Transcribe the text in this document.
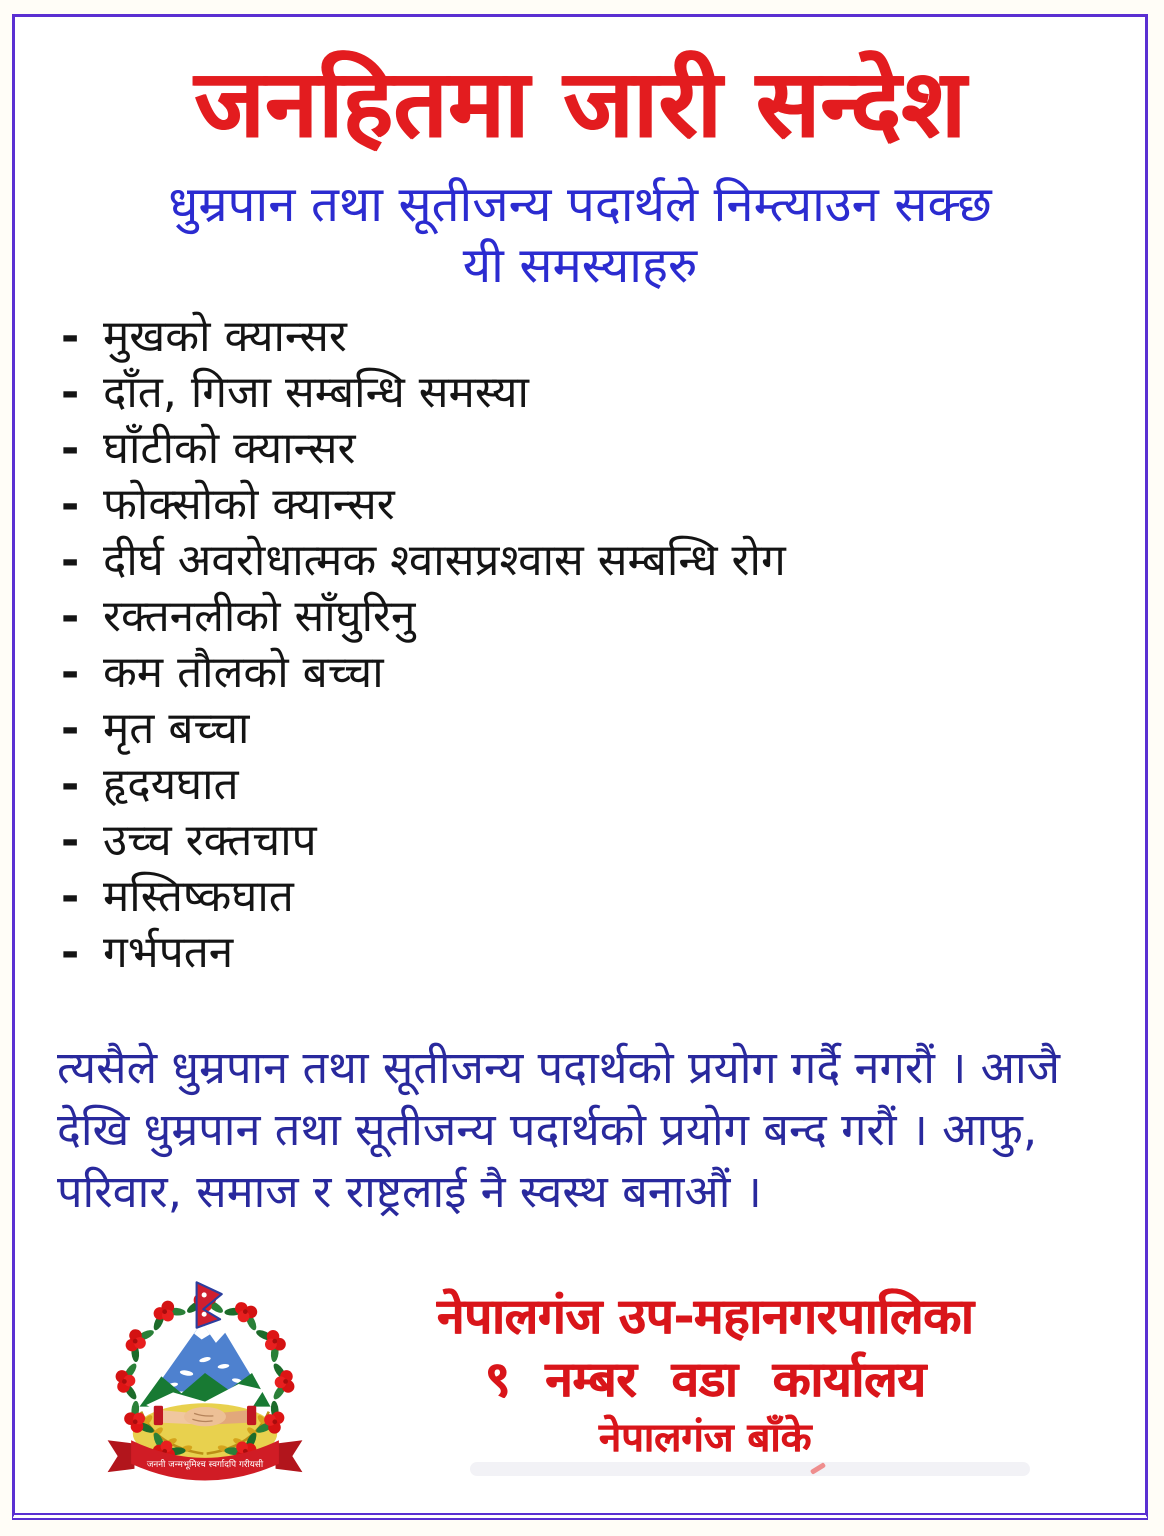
जनहितमा जारी सन्देश
धुम्रपान तथा सूतीजन्य पदार्थले निम्त्याउन सक्छ
यी समस्याहरु
- मुखको क्यान्सर
- दाँत, गिजा सम्बन्धि समस्या
- घाँटीको क्यान्सर
- फोक्सोको क्यान्सर
- दीर्घ अवरोधात्मक श्वासप्रश्वास सम्बन्धि रोग
- रक्तनलीको साँघुरिनु
- कम तौलको बच्चा
- मृत बच्चा
- हृदयघात
- उच्च रक्तचाप
- मस्तिष्कघात
- गर्भपतन
त्यसैले धुम्रपान तथा सूतीजन्य पदार्थको प्रयोग गर्दै नगरौं । आजै
देखि धुम्रपान तथा सूतीजन्य पदार्थको प्रयोग बन्द गरौं । आफु,
परिवार, समाज र राष्ट्रलाई नै स्वस्थ बनाऔं ।
जननी जन्मभूमिश्च स्वर्गादपि गरीयसी
नेपालगंज उप-महानगरपालिका
९ नम्बर वडा कार्यालय
नेपालगंज बाँके
